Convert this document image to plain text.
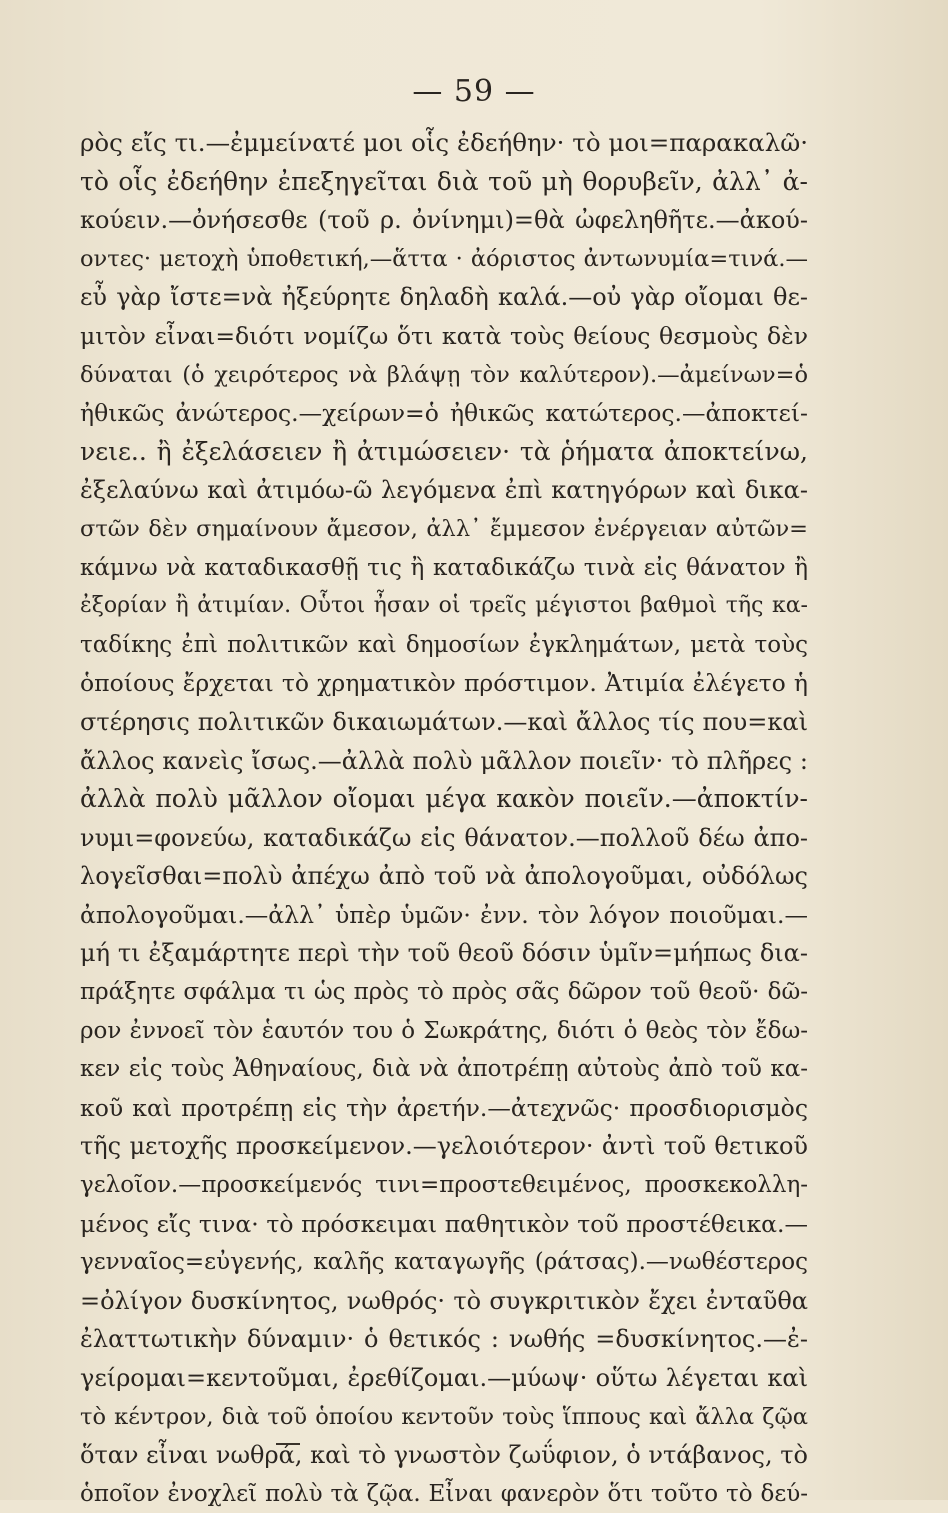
— 59 —
ρὸς εἴς τι.—ἐμμείνατέ μοι οἷς ἐδεήθην· τὸ μοι=παρακαλῶ·
τὸ οἷς ἐδεήθην ἐπεξηγεῖται διὰ τοῦ μὴ θορυβεῖν, ἀλλ᾽ ἀ-
κούειν.—ὀνήσεσθε (τοῦ ρ. ὀνίνημι)=θὰ ὠφεληθῆτε.—ἀκού-
οντες· μετοχὴ ὑποθετική,—ἅττα · ἀόριστος ἀντωνυμία=τινά.—
εὖ γὰρ ἴστε=νὰ ἠξεύρητε δηλαδὴ καλά.—οὐ γὰρ οἴομαι θε-
μιτὸν εἶναι=διότι νομίζω ὅτι κατὰ τοὺς θείους θεσμοὺς δὲν
δύναται (ὁ χειρότερος νὰ βλάψῃ τὸν καλύτερον).—ἀμείνων=ὁ
ἠθικῶς ἀνώτερος.—χείρων=ὁ ἠθικῶς κατώτερος.—ἀποκτεί-
νειε.. ἢ ἐξελάσειεν ἢ ἀτιμώσειεν· τὰ ῥήματα ἀποκτείνω,
ἐξελαύνω καὶ ἀτιμόω-ῶ λεγόμενα ἐπὶ κατηγόρων καὶ δικα-
στῶν δὲν σημαίνουν ἄμεσον, ἀλλ᾽ ἔμμεσον ἐνέργειαν αὐτῶν=
κάμνω νὰ καταδικασθῇ τις ἢ καταδικάζω τινὰ εἰς θάνατον ἢ
ἐξορίαν ἢ ἀτιμίαν. Οὗτοι ἦσαν οἱ τρεῖς μέγιστοι βαθμοὶ τῆς κα-
ταδίκης ἐπὶ πολιτικῶν καὶ δημοσίων ἐγκλημάτων, μετὰ τοὺς
ὁποίους ἔρχεται τὸ χρηματικὸν πρόστιμον. Ἀτιμία ἐλέγετο ἡ
στέρησις πολιτικῶν δικαιωμάτων.—καὶ ἄλλος τίς που=καὶ
ἄλλος κανεὶς ἴσως.—ἀλλὰ πολὺ μᾶλλον ποιεῖν· τὸ πλῆρες :
ἀλλὰ πολὺ μᾶλλον οἴομαι μέγα κακὸν ποιεῖν.—ἀποκτίν-
νυμι=φονεύω, καταδικάζω εἰς θάνατον.—πολλοῦ δέω ἀπο-
λογεῖσθαι=πολὺ ἀπέχω ἀπὸ τοῦ νὰ ἀπολογοῦμαι, οὐδόλως
ἀπολογοῦμαι.—ἀλλ᾽ ὑπὲρ ὑμῶν· ἐνν. τὸν λόγον ποιοῦμαι.—
μή τι ἐξαμάρτητε περὶ τὴν τοῦ θεοῦ δόσιν ὑμῖν=μήπως δια-
πράξητε σφάλμα τι ὡς πρὸς τὸ πρὸς σᾶς δῶρον τοῦ θεοῦ· δῶ-
ρον ἐννοεῖ τὸν ἑαυτόν του ὁ Σωκράτης, διότι ὁ θεὸς τὸν ἔδω-
κεν εἰς τοὺς Ἀθηναίους, διὰ νὰ ἀποτρέπῃ αὐτοὺς ἀπὸ τοῦ κα-
κοῦ καὶ προτρέπῃ εἰς τὴν ἀρετήν.—ἀτεχνῶς· προσδιορισμὸς
τῆς μετοχῆς προσκείμενον.—γελοιότερον· ἀντὶ τοῦ θετικοῦ
γελοῖον.—προσκείμενός τινι=προστεθειμένος, προσκεκολλη-
μένος εἴς τινα· τὸ πρόσκειμαι παθητικὸν τοῦ προστέθεικα.—
γενναῖος=εὐγενής, καλῆς καταγωγῆς (ράτσας).—νωθέστερος
=ὀλίγον δυσκίνητος, νωθρός· τὸ συγκριτικὸν ἔχει ἐνταῦθα
ἐλαττωτικὴν δύναμιν· ὁ θετικός : νωθής =δυσκίνητος.—ἐ-
γείρομαι=κεντοῦμαι, ἐρεθίζομαι.—μύωψ· οὕτω λέγεται καὶ
τὸ κέντρον, διὰ τοῦ ὁποίου κεντοῦν τοὺς ἵππους καὶ ἄλλα ζῷα
ὅταν εἶναι νωθρά, καὶ τὸ γνωστὸν ζωΰφιον, ὁ ντάβανος, τὸ
ὁποῖον ἐνοχλεῖ πολὺ τὰ ζῷα. Εἶναι φανερὸν ὅτι τοῦτο τὸ δεύ-
